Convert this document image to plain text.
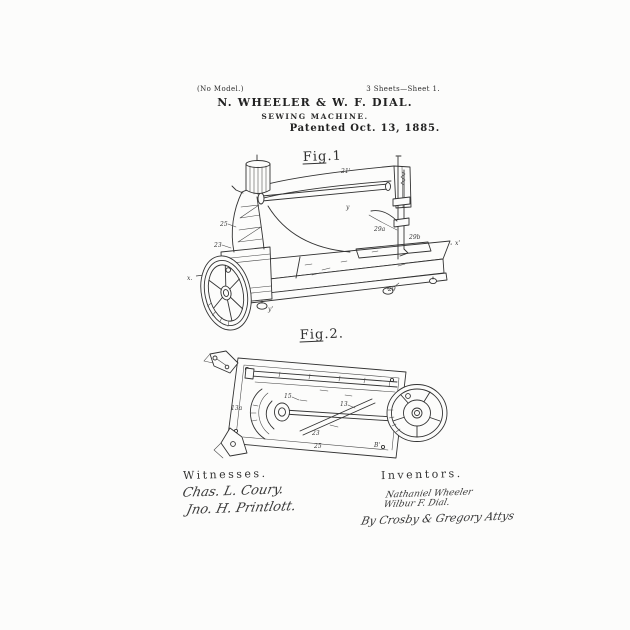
(No Model.)	3 Sheets—Sheet 1.
N. WHEELER & W. F. DIAL.
SEWING MACHINE.
Patented Oct. 13, 1885.
Fig.1
x.
x'
25
23
21'
y
29a
29b
29
y'
Fig.2.
13a
15
13
23
25	B'
Witnesses.
Chas. L. Coury.
Jno. H. Printlott.
Inventors.
Nathaniel Wheeler
Wilbur F. Dial.
By Crosby & Gregory Attys
